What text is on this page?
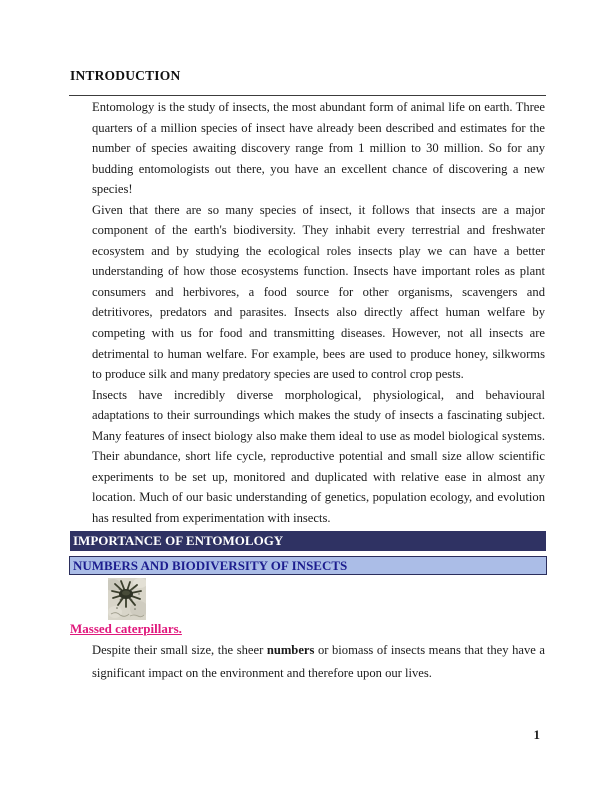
INTRODUCTION

Entomology is the study of insects, the most abundant form of animal life on earth. Three quarters of a million species of insect have already been described and estimates for the number of species awaiting discovery range from 1 million to 30 million. So for any budding entomologists out there, you have an excellent chance of discovering a new species!

Given that there are so many species of insect, it follows that insects are a major component of the earth's biodiversity. They inhabit every terrestrial and freshwater ecosystem and by studying the ecological roles insects play we can have a better understanding of how those ecosystems function. Insects have important roles as plant consumers and herbivores, a food source for other organisms, scavengers and detritivores, predators and parasites. Insects also directly affect human welfare by competing with us for food and transmitting diseases. However, not all insects are detrimental to human welfare. For example, bees are used to produce honey, silkworms to produce silk and many predatory species are used to control crop pests.

Insects have incredibly diverse morphological, physiological, and behavioural adaptations to their surroundings which makes the study of insects a fascinating subject. Many features of insect biology also make them ideal to use as model biological systems. Their abundance, short life cycle, reproductive potential and small size allow scientific experiments to be set up, monitored and duplicated with relative ease in almost any location. Much of our basic understanding of genetics, population ecology, and evolution has resulted from experimentation with insects.

IMPORTANCE OF ENTOMOLOGY
NUMBERS AND BIODIVERSITY OF INSECTS
Massed caterpillars.

Despite their small size, the sheer numbers or biomass of insects means that they have a significant impact on the environment and therefore upon our lives.

1
